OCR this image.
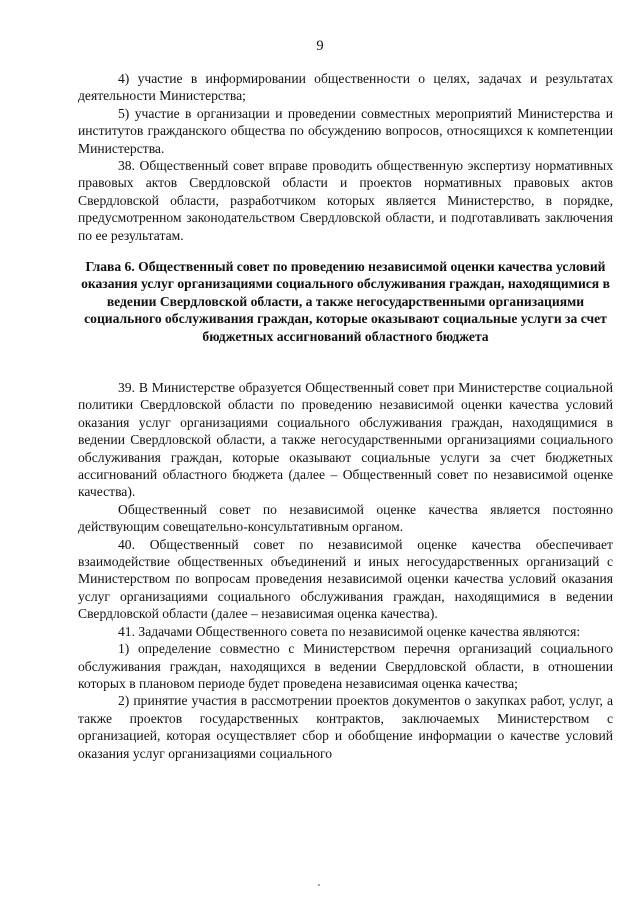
9

4) участие в информировании общественности о целях, задачах и результатах деятельности Министерства;

5) участие в организации и проведении совместных мероприятий Министерства и институтов гражданского общества по обсуждению вопросов, относящихся к компетенции Министерства.

38. Общественный совет вправе проводить общественную экспертизу нормативных правовых актов Свердловской области и проектов нормативных правовых актов Свердловской области, разработчиком которых является Министерство, в порядке, предусмотренном законодательством Свердловской области, и подготавливать заключения по ее результатам.

Глава 6. Общественный совет по проведению независимой оценки качества условий оказания услуг организациями социального обслуживания граждан, находящимися в ведении Свердловской области, а также негосударственными организациями социального обслуживания граждан, которые оказывают социальные услуги за счет бюджетных ассигнований областного бюджета

39. В Министерстве образуется Общественный совет при Министерстве социальной политики Свердловской области по проведению независимой оценки качества условий оказания услуг организациями социального обслуживания граждан, находящимися в ведении Свердловской области, а также негосударственными организациями социального обслуживания граждан, которые оказывают социальные услуги за счет бюджетных ассигнований областного бюджета (далее – Общественный совет по независимой оценке качества).

Общественный совет по независимой оценке качества является постоянно действующим совещательно-консультативным органом.

40. Общественный совет по независимой оценке качества обеспечивает взаимодействие общественных объединений и иных негосударственных организаций с Министерством по вопросам проведения независимой оценки качества условий оказания услуг организациями социального обслуживания граждан, находящимися в ведении Свердловской области (далее – независимая оценка качества).

41. Задачами Общественного совета по независимой оценке качества являются:

1) определение совместно с Министерством перечня организаций социального обслуживания граждан, находящихся в ведении Свердловской области, в отношении которых в плановом периоде будет проведена независимая оценка качества;

2) принятие участия в рассмотрении проектов документов о закупках работ, услуг, а также проектов государственных контрактов, заключаемых Министерством с организацией, которая осуществляет сбор и обобщение информации о качестве условий оказания услуг организациями социального
